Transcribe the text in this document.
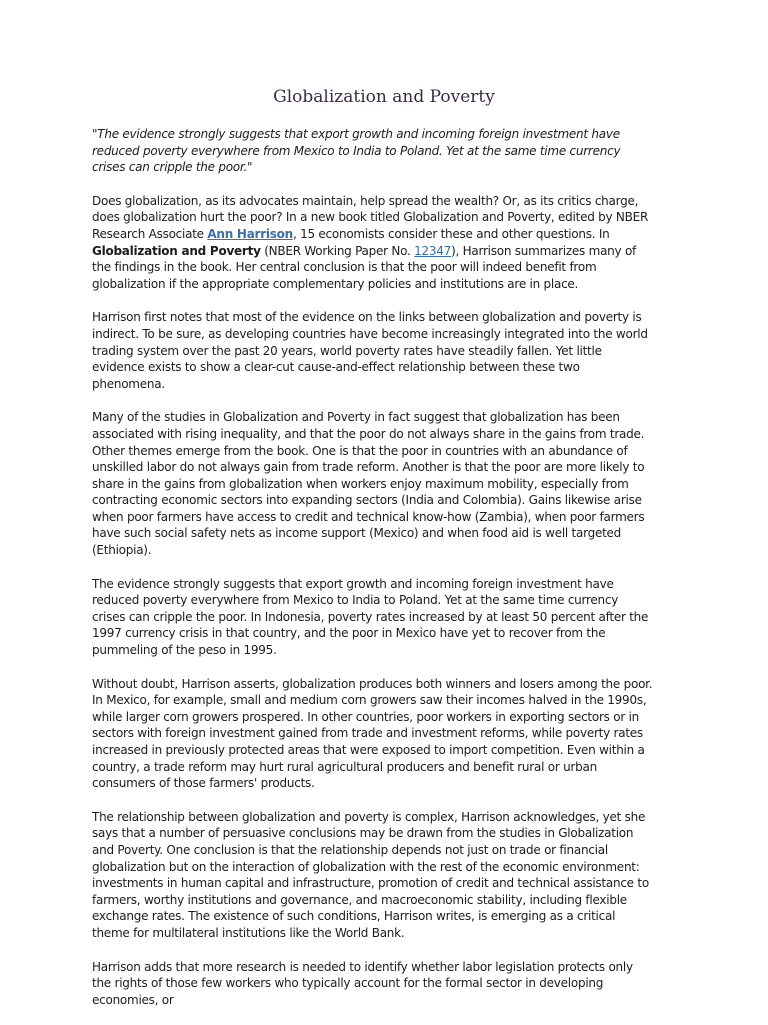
Globalization and Poverty

"The evidence strongly suggests that export growth and incoming foreign investment have reduced poverty everywhere from Mexico to India to Poland. Yet at the same time currency crises can cripple the poor."

Does globalization, as its advocates maintain, help spread the wealth? Or, as its critics charge, does globalization hurt the poor? In a new book titled Globalization and Poverty, edited by NBER Research Associate Ann Harrison, 15 economists consider these and other questions. In Globalization and Poverty (NBER Working Paper No. 12347), Harrison summarizes many of the findings in the book. Her central conclusion is that the poor will indeed benefit from globalization if the appropriate complementary policies and institutions are in place.

Harrison first notes that most of the evidence on the links between globalization and poverty is indirect. To be sure, as developing countries have become increasingly integrated into the world trading system over the past 20 years, world poverty rates have steadily fallen. Yet little evidence exists to show a clear-cut cause-and-effect relationship between these two phenomena.

Many of the studies in Globalization and Poverty in fact suggest that globalization has been associated with rising inequality, and that the poor do not always share in the gains from trade. Other themes emerge from the book. One is that the poor in countries with an abundance of unskilled labor do not always gain from trade reform. Another is that the poor are more likely to share in the gains from globalization when workers enjoy maximum mobility, especially from contracting economic sectors into expanding sectors (India and Colombia). Gains likewise arise when poor farmers have access to credit and technical know-how (Zambia), when poor farmers have such social safety nets as income support (Mexico) and when food aid is well targeted (Ethiopia).

The evidence strongly suggests that export growth and incoming foreign investment have reduced poverty everywhere from Mexico to India to Poland. Yet at the same time currency crises can cripple the poor. In Indonesia, poverty rates increased by at least 50 percent after the 1997 currency crisis in that country, and the poor in Mexico have yet to recover from the pummeling of the peso in 1995.

Without doubt, Harrison asserts, globalization produces both winners and losers among the poor. In Mexico, for example, small and medium corn growers saw their incomes halved in the 1990s, while larger corn growers prospered. In other countries, poor workers in exporting sectors or in sectors with foreign investment gained from trade and investment reforms, while poverty rates increased in previously protected areas that were exposed to import competition. Even within a country, a trade reform may hurt rural agricultural producers and benefit rural or urban consumers of those farmers' products.

The relationship between globalization and poverty is complex, Harrison acknowledges, yet she says that a number of persuasive conclusions may be drawn from the studies in Globalization and Poverty. One conclusion is that the relationship depends not just on trade or financial globalization but on the interaction of globalization with the rest of the economic environment: investments in human capital and infrastructure, promotion of credit and technical assistance to farmers, worthy institutions and governance, and macroeconomic stability, including flexible exchange rates. The existence of such conditions, Harrison writes, is emerging as a critical theme for multilateral institutions like the World Bank.

Harrison adds that more research is needed to identify whether labor legislation protects only the rights of those few workers who typically account for the formal sector in developing economies, or
